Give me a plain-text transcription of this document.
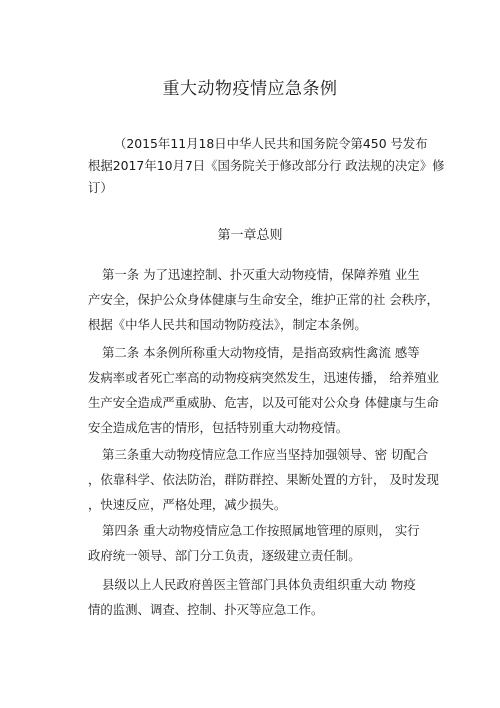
重大动物疫情应急条例
（2015年11月18日中华人民共和国务院令第450 号发布
根据2017年10月7日《国务院关于修改部分行 政法规的决定》修
订）
第一章总则
第一条 为了迅速控制、扑灭重大动物疫情，保障养殖 业生
产安全，保护公众身体健康与生命安全，维护正常的社 会秩序，
根据《中华人民共和国动物防疫法》，制定本条例。
第二条 本条例所称重大动物疫情，是指高致病性禽流 感等
发病率或者死亡率高的动物疫病突然发生，迅速传播， 给养殖业
生产安全造成严重威胁、危害，以及可能对公众身 体健康与生命
安全造成危害的情形，包括特别重大动物疫情。
第三条重大动物疫情应急工作应当坚持加强领导、密 切配合
，依靠科学、依法防治，群防群控、果断处置的方针， 及时发现
，快速反应，严格处理，减少损失。
第四条 重大动物疫情应急工作按照属地管理的原则， 实行
政府统一领导、部门分工负责，逐级建立责任制。
县级以上人民政府兽医主管部门具体负责组织重大动 物疫
情的监测、调查、控制、扑灭等应急工作。
